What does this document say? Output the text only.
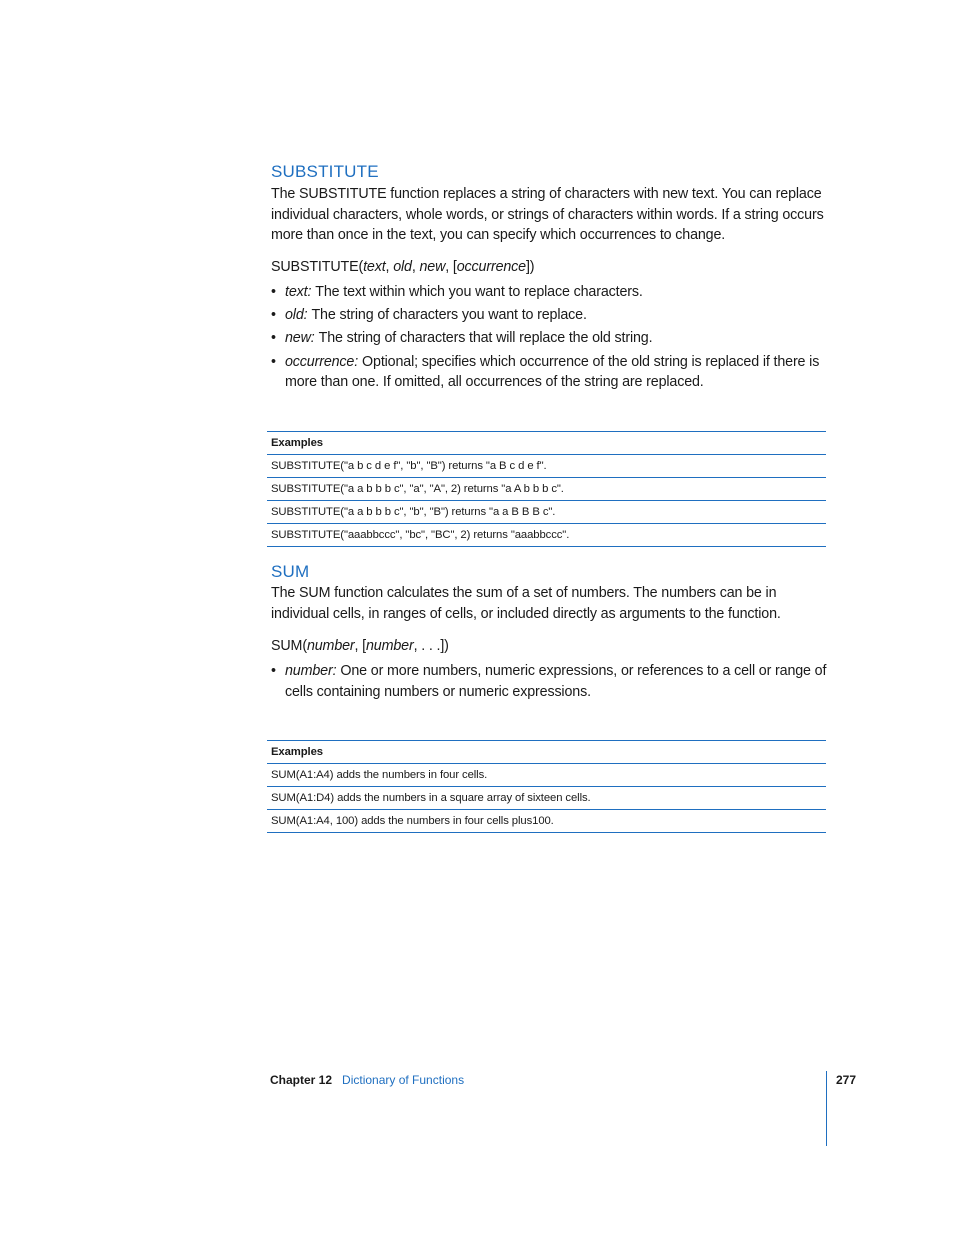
SUBSTITUTE

The SUBSTITUTE function replaces a string of characters with new text. You can replace individual characters, whole words, or strings of characters within words. If a string occurs more than once in the text, you can specify which occurrences to change.

SUBSTITUTE(text, old, new, [occurrence])

• text: The text within which you want to replace characters.
• old: The string of characters you want to replace.
• new: The string of characters that will replace the old string.
• occurrence: Optional; specifies which occurrence of the old string is replaced if there is more than one. If omitted, all occurrences of the string are replaced.
Examples
SUBSTITUTE("a b c d e f", "b", "B") returns "a B c d e f".
SUBSTITUTE("a a b b b c", "a", "A", 2) returns "a A b b b c".
SUBSTITUTE("a a b b b c", "b", "B") returns "a a B B B c".
SUBSTITUTE("aaabbccc", "bc", "BC", 2) returns "aaabbccc".
SUM

The SUM function calculates the sum of a set of numbers. The numbers can be in individual cells, in ranges of cells, or included directly as arguments to the function.

SUM(number, [number, . . .])

• number: One or more numbers, numeric expressions, or references to a cell or range of cells containing numbers or numeric expressions.
Examples
SUM(A1:A4) adds the numbers in four cells.
SUM(A1:D4) adds the numbers in a square array of sixteen cells.
SUM(A1:A4, 100) adds the numbers in four cells plus100.
Chapter 12 Dictionary of Functions	277
